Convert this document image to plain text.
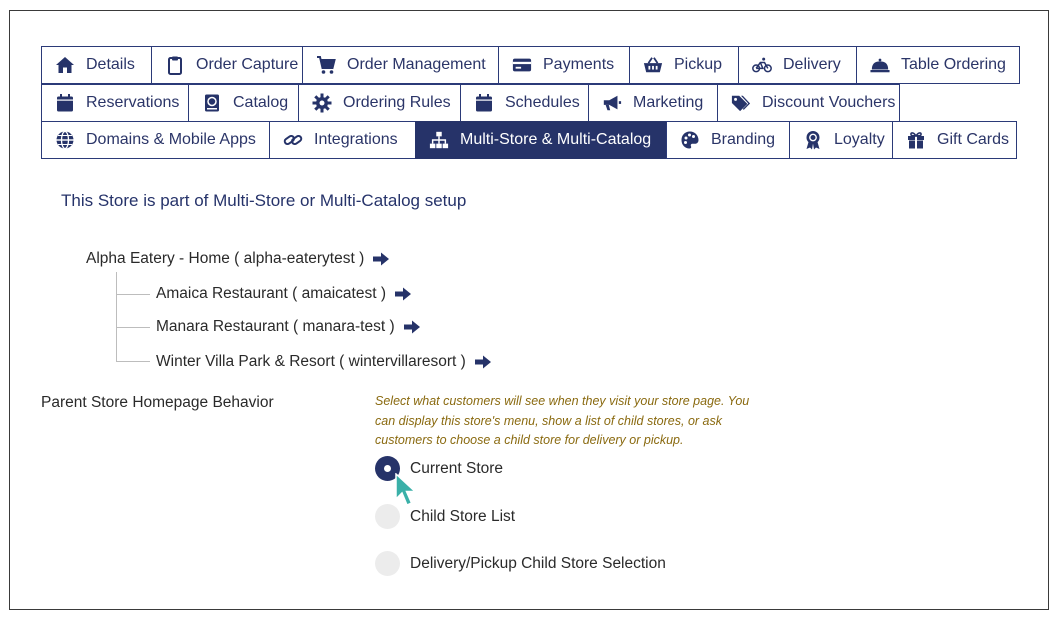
Details	Order Capture	Order Management	Payments	Pickup	Delivery	Table Ordering
Reservations	Catalog	Ordering Rules	Schedules	Marketing	Discount Vouchers
Domains & Mobile Apps	Integrations	Multi-Store & Multi-Catalog	Branding	Loyalty	Gift Cards
This Store is part of Multi-Store or Multi-Catalog setup
Alpha Eatery - Home ( alpha-eaterytest )
Amaica Restaurant ( amaicatest )
Manara Restaurant ( manara-test )
Winter Villa Park & Resort ( wintervillaresort )
Parent Store Homepage Behavior	Select what customers will see when they visit your store page. You can display this store's menu, show a list of child stores, or ask customers to choose a child store for delivery or pickup.
Current Store
Child Store List
Delivery/Pickup Child Store Selection
